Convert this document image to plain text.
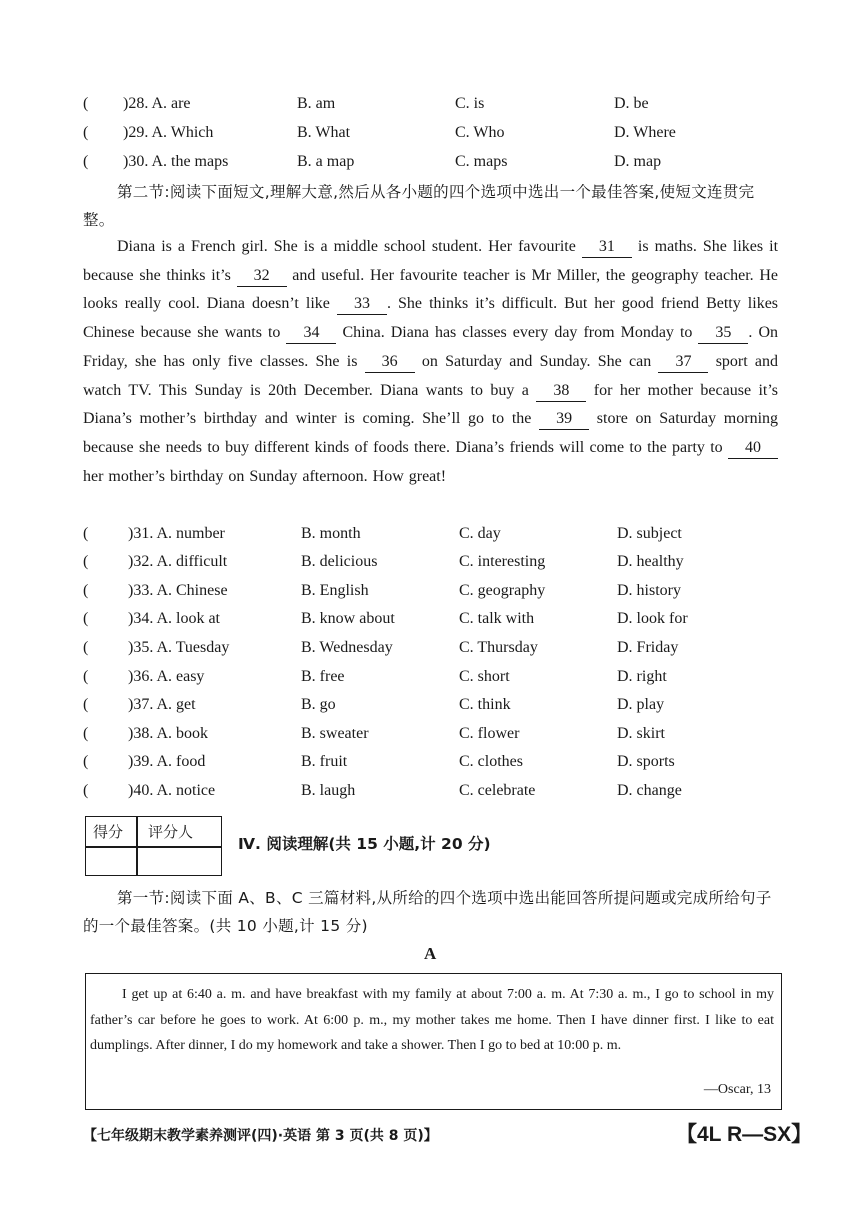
( )28. A. are	B. am	C. is	D. be
( )29. A. Which	B. What	C. Who	D. Where
( )30. A. the maps	B. a map	C. maps	D. map
第二节:阅读下面短文,理解大意,然后从各小题的四个选项中选出一个最佳答案,使短文连贯完整。
Diana is a French girl. She is a middle school student. Her favourite 31 is maths. She likes it because she thinks it’s 32 and useful. Her favourite teacher is Mr Miller, the geography teacher. He looks really cool. Diana doesn’t like 33 . She thinks it’s difficult. But her good friend Betty likes Chinese because she wants to 34 China. Diana has classes every day from Monday to 35 . On Friday, she has only five classes. She is 36 on Saturday and Sunday. She can 37 sport and watch TV. This Sunday is 20th December. Diana wants to buy a 38 for her mother because it’s Diana’s mother’s birthday and winter is coming. She’ll go to the 39 store on Saturday morning because she needs to buy different kinds of foods there. Diana’s friends will come to the party to 40 her mother’s birthday on Sunday afternoon. How great!
( )31. A. number	B. month	C. day	D. subject
( )32. A. difficult	B. delicious	C. interesting	D. healthy
( )33. A. Chinese	B. English	C. geography	D. history
( )34. A. look at	B. know about	C. talk with	D. look for
( )35. A. Tuesday	B. Wednesday	C. Thursday	D. Friday
( )36. A. easy	B. free	C. short	D. right
( )37. A. get	B. go	C. think	D. play
( )38. A. book	B. sweater	C. flower	D. skirt
( )39. A. food	B. fruit	C. clothes	D. sports
( )40. A. notice	B. laugh	C. celebrate	D. change
得分 评分人
Ⅳ. 阅读理解(共 15 小题,计 20 分)
第一节:阅读下面 A、B、C 三篇材料,从所给的四个选项中选出能回答所提问题或完成所给句子的一个最佳答案。(共 10 小题,计 15 分)
A
I get up at 6:40 a. m. and have breakfast with my family at about 7:00 a. m. At 7:30 a. m., I go to school in my father’s car before he goes to work. At 6:00 p. m., my mother takes me home. Then I have dinner first. I like to eat dumplings. After dinner, I do my homework and take a shower. Then I go to bed at 10:00 p. m.
—Oscar, 13
【七年级期末教学素养测评(四)·英语 第 3 页(共 8 页)】	【4L R—SX】
